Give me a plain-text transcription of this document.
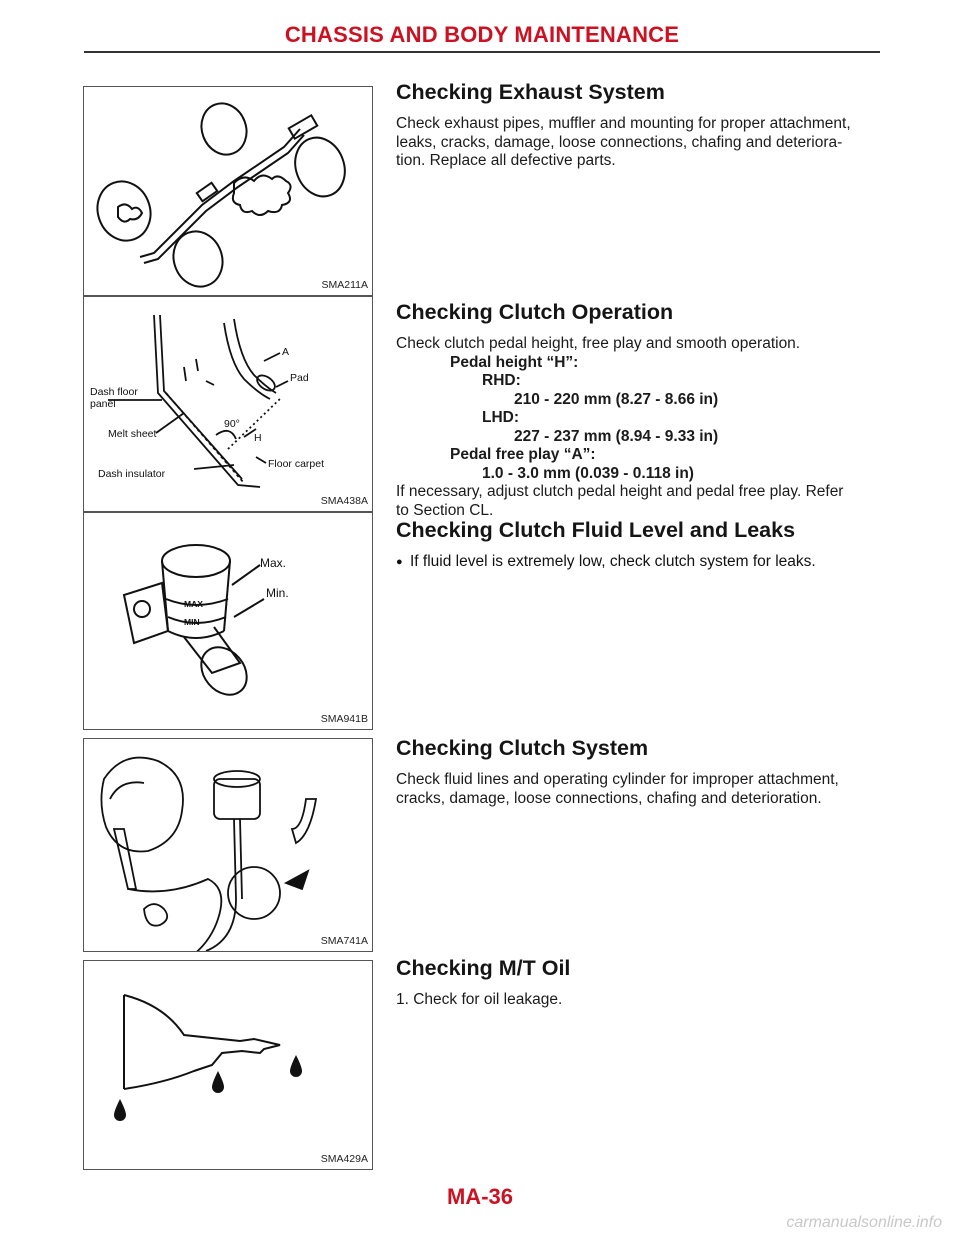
CHASSIS AND BODY MAINTENANCE
SMA211A
A
Pad
Dash floor
panel
Melt sheet
90°
H
Floor carpet
Dash insulator
SMA438A
Max.
Min.
MAX
MIN
SMA941B
SMA741A
SMA429A
Checking Exhaust System

Check exhaust pipes, muffler and mounting for proper attachment,

leaks, cracks, damage, loose connections, chafing and deteriora-

tion. Replace all defective parts.

Checking Clutch Operation

Check clutch pedal height, free play and smooth operation.

Pedal height “H”:
RHD:
210 - 220 mm (8.27 - 8.66 in)
LHD:
227 - 237 mm (8.94 - 9.33 in)
Pedal free play “A”:
1.0 - 3.0 mm (0.039 - 0.118 in)

If necessary, adjust clutch pedal height and pedal free play. Refer

to Section CL.

Checking Clutch Fluid Level and Leaks
● If fluid level is extremely low, check clutch system for leaks.
Checking Clutch System

Check fluid lines and operating cylinder for improper attachment,

cracks, damage, loose connections, chafing and deterioration.

Checking M/T Oil

1. Check for oil leakage.

MA-36
carmanualsonline.info
